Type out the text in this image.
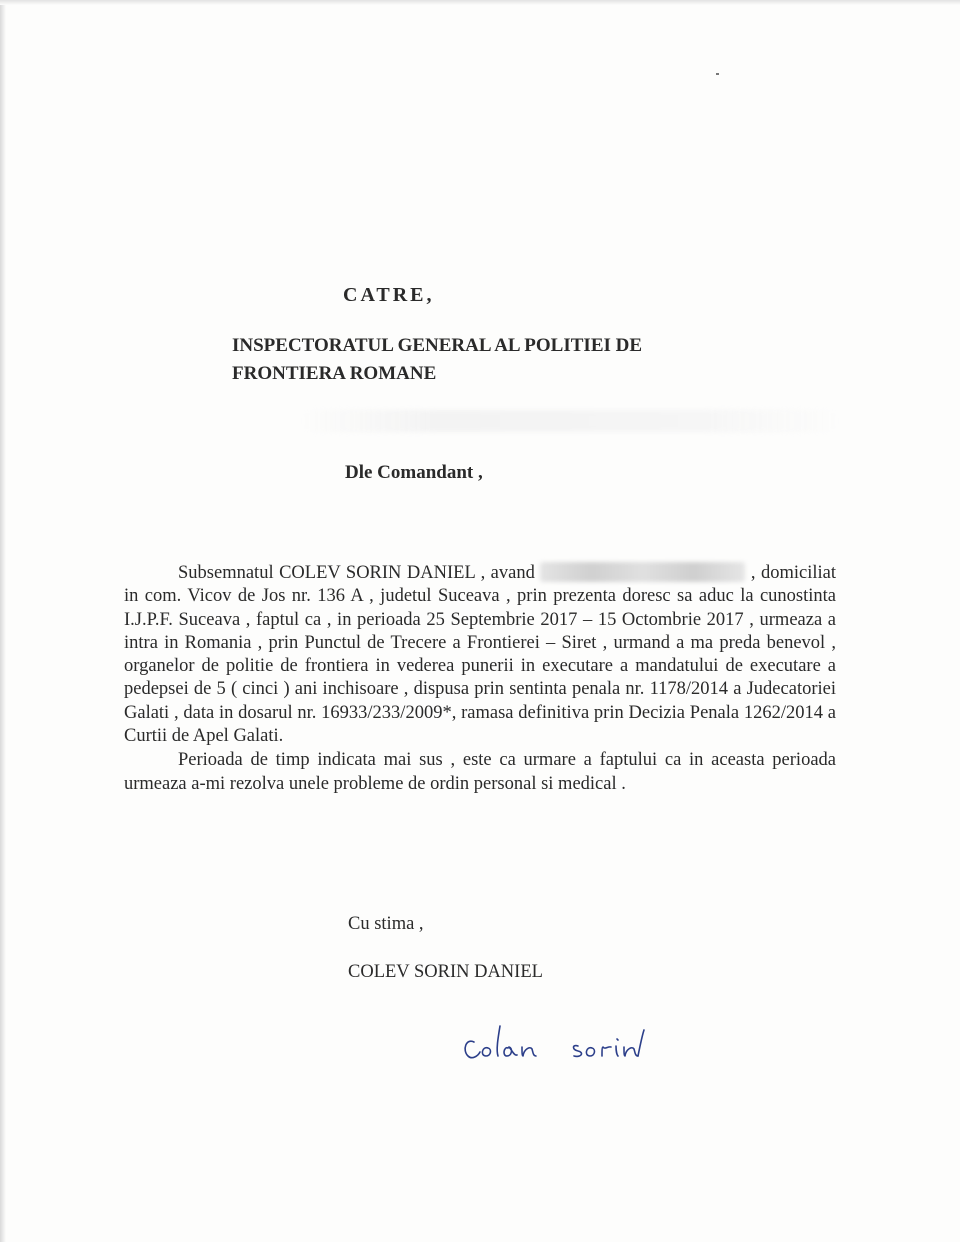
CATRE,
INSPECTORATUL GENERAL AL POLITIEI DE
FRONTIERA ROMANE
Dle Comandant ,

Subsemnatul COLEV SORIN DANIEL , avand	, domiciliat in com. Vicov de Jos nr. 136 A , judetul Suceava , prin prezenta doresc sa aduc la cunostinta I.J.P.F. Suceava , faptul ca , in perioada 25 Septembrie 2017 – 15 Octombrie 2017 , urmeaza a intra in Romania , prin Punctul de Trecere a Frontierei – Siret , urmand a ma preda benevol , organelor de politie de frontiera in vederea punerii in executare a mandatului de executare a pedepsei de 5 ( cinci ) ani inchisoare , dispusa prin sentinta penala nr. 1178/2014 a Judecatoriei Galati , data in dosarul nr. 16933/233/2009*, ramasa definitiva prin Decizia Penala 1262/2014 a Curtii de Apel Galati.

Perioada de timp indicata mai sus , este ca urmare a faptului ca in aceasta perioada urmeaza a-mi rezolva unele probleme de ordin personal si medical .

Cu stima ,
COLEV SORIN DANIEL
